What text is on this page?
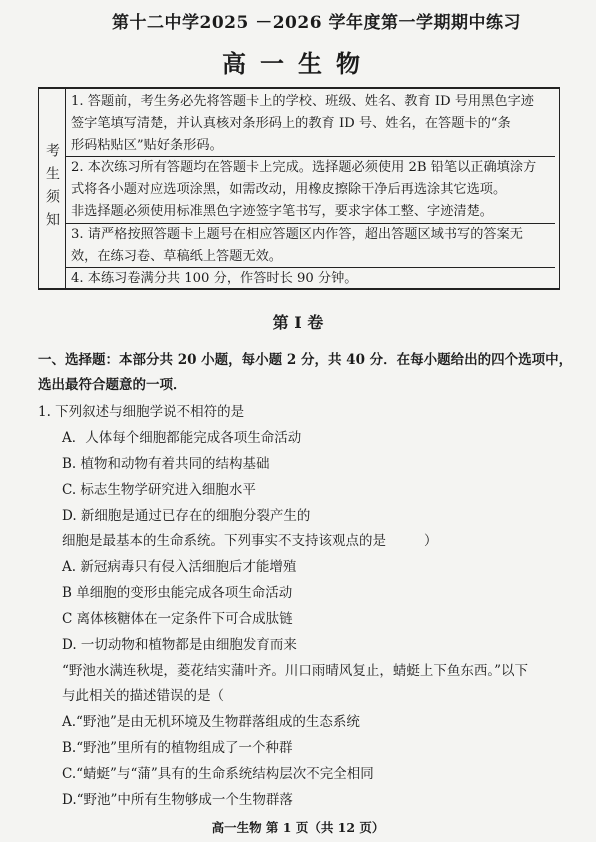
第十二中学2025 －2026 学年度第一学期期中练习
高一生物
考生须知
1. 答题前，考生务必先将答题卡上的学校、班级、姓名、教育 ID 号用黑色字迹
签字笔填写清楚，并认真核对条形码上的教育 ID 号、姓名，在答题卡的“条
形码粘贴区”贴好条形码。
2. 本次练习所有答题均在答题卡上完成。选择题必须使用 2B 铅笔以正确填涂方
式将各小题对应选项涂黑，如需改动，用橡皮擦除干净后再选涂其它选项。
非选择题必须使用标准黑色字迹签字笔书写，要求字体工整、字迹清楚。
3. 请严格按照答题卡上题号在相应答题区内作答，超出答题区域书写的答案无
效，在练习卷、草稿纸上答题无效。
4. 本练习卷满分共 100 分，作答时长 90 分钟。
第 I 卷
一、选择题：本部分共 20 小题，每小题 2 分，共 40 分．在每小题给出的四个选项中，
选出最符合题意的一项．
1. 下列叙述与细胞学说不相符的是
A．人体每个细胞都能完成各项生命活动
B. 植物和动物有着共同的结构基础
C. 标志生物学研究进入细胞水平
D. 新细胞是通过已存在的细胞分裂产生的
细胞是最基本的生命系统。下列事实不支持该观点的是	）
A. 新冠病毒只有侵入活细胞后才能增殖
B 单细胞的变形虫能完成各项生命活动
C 离体核糖体在一定条件下可合成肽链
D. 一切动物和植物都是由细胞发育而来
“野池水满连秋堤，菱花结实蒲叶齐。川口雨晴风复止，蜻蜓上下鱼东西。”以下
与此相关的描述错误的是（
A.“野池”是由无机环境及生物群落组成的生态系统
B.“野池”里所有的植物组成了一个种群
C.“蜻蜓”与“蒲”具有的生命系统结构层次不完全相同
D.“野池”中所有生物够成一个生物群落
高一生物 第 1 页（共 12 页）
